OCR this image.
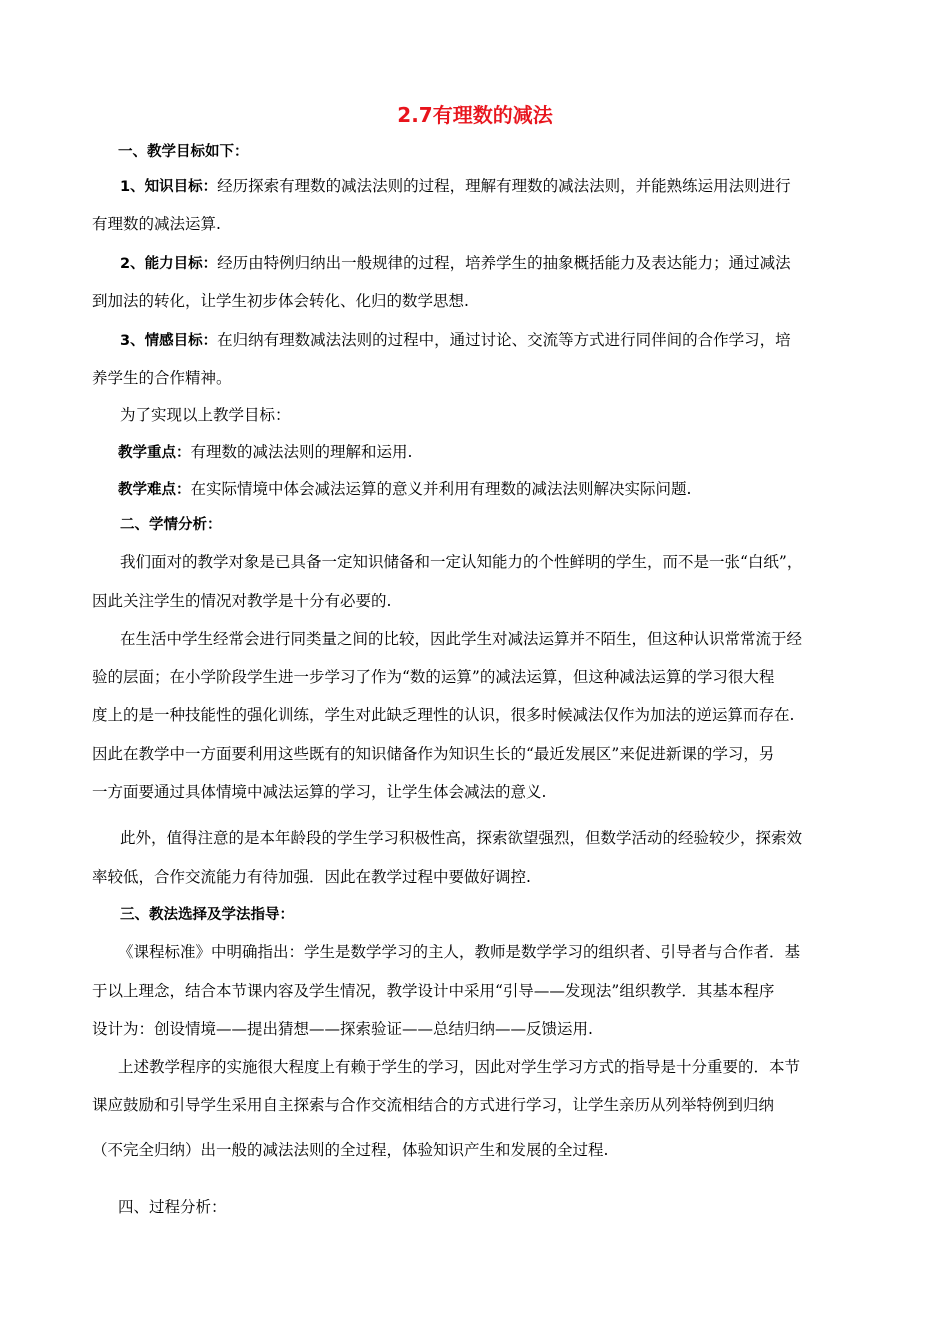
2.7有理数的减法
一、教学目标如下：
1、知识目标：经历探索有理数的减法法则的过程，理解有理数的减法法则，并能熟练运用法则进行
有理数的减法运算.
2、能力目标：经历由特例归纳出一般规律的过程，培养学生的抽象概括能力及表达能力；通过减法
到加法的转化，让学生初步体会转化、化归的数学思想.
3、情感目标：在归纳有理数减法法则的过程中，通过讨论、交流等方式进行同伴间的合作学习，培
养学生的合作精神。
为了实现以上教学目标：
教学重点：有理数的减法法则的理解和运用.
教学难点：在实际情境中体会减法运算的意义并利用有理数的减法法则解决实际问题.
二、学情分析：
我们面对的教学对象是已具备一定知识储备和一定认知能力的个性鲜明的学生，而不是一张“白纸”，
因此关注学生的情况对教学是十分有必要的.
在生活中学生经常会进行同类量之间的比较，因此学生对减法运算并不陌生，但这种认识常常流于经
验的层面；在小学阶段学生进一步学习了作为“数的运算”的减法运算，但这种减法运算的学习很大程
度上的是一种技能性的强化训练，学生对此缺乏理性的认识，很多时候减法仅作为加法的逆运算而存在.
因此在教学中一方面要利用这些既有的知识储备作为知识生长的“最近发展区”来促进新课的学习，另
一方面要通过具体情境中减法运算的学习，让学生体会减法的意义.
此外，值得注意的是本年龄段的学生学习积极性高，探索欲望强烈，但数学活动的经验较少，探索效
率较低，合作交流能力有待加强．因此在教学过程中要做好调控.
三、教法选择及学法指导：
《课程标准》中明确指出：学生是数学学习的主人，教师是数学学习的组织者、引导者与合作者．基
于以上理念，结合本节课内容及学生情况，教学设计中采用“引导——发现法”组织教学．其基本程序
设计为：创设情境——提出猜想——探索验证——总结归纳——反馈运用.
上述教学程序的实施很大程度上有赖于学生的学习，因此对学生学习方式的指导是十分重要的．本节
课应鼓励和引导学生采用自主探索与合作交流相结合的方式进行学习，让学生亲历从列举特例到归纳
（不完全归纳）出一般的减法法则的全过程，体验知识产生和发展的全过程.
四、过程分析：
